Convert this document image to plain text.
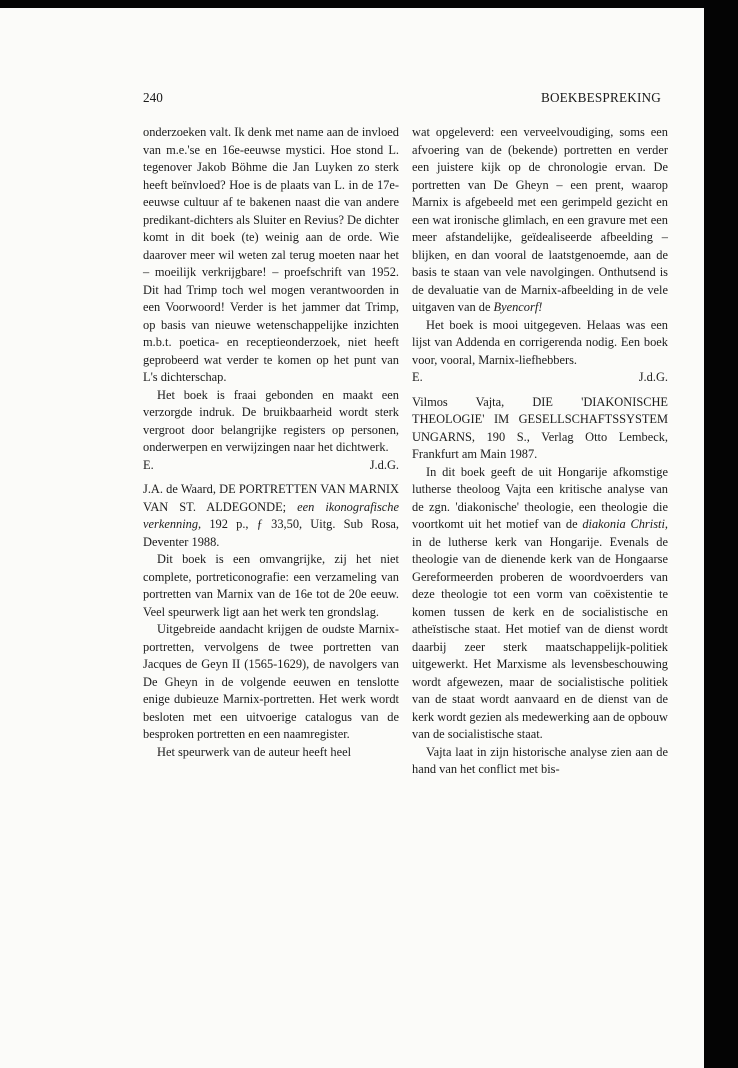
240	BOEKBESPREKING

onderzoeken valt. Ik denk met name aan de invloed van m.e.'se en 16e-eeuwse mystici. Hoe stond L. tegenover Jakob Böhme die Jan Luyken zo sterk heeft beïnvloed? Hoe is de plaats van L. in de 17e-eeuwse cultuur af te bakenen naast die van andere predikant-dichters als Sluiter en Revius? De dichter komt in dit boek (te) weinig aan de orde. Wie daarover meer wil weten zal terug moeten naar het – moeilijk verkrijgbare! – proefschrift van 1952. Dit had Trimp toch wel mogen verantwoorden in een Voorwoord! Verder is het jammer dat Trimp, op basis van nieuwe wetenschappelijke inzichten m.b.t. poetica- en receptieonderzoek, niet heeft geprobeerd wat verder te komen op het punt van L's dichterschap.

Het boek is fraai gebonden en maakt een verzorgde indruk. De bruikbaarheid wordt sterk vergroot door belangrijke registers op personen, onderwerpen en verwijzingen naar het dichtwerk.

E.	J.d.G.

J.A. de Waard, DE PORTRETTEN VAN MARNIX VAN ST. ALDEGONDE; een ikonografische verkenning, 192 p., ƒ 33,50, Uitg. Sub Rosa, Deventer 1988.

Dit boek is een omvangrijke, zij het niet complete, portreticonografie: een verzameling van portretten van Marnix van de 16e tot de 20e eeuw. Veel speurwerk ligt aan het werk ten grondslag.

Uitgebreide aandacht krijgen de oudste Marnix-portretten, vervolgens de twee portretten van Jacques de Geyn II (1565-1629), de navolgers van De Gheyn in de volgende eeuwen en tenslotte enige dubieuze Marnix-portretten. Het werk wordt besloten met een uitvoerige catalogus van de besproken portretten en een naamregister.

Het speurwerk van de auteur heeft heel

wat opgeleverd: een verveelvoudiging, soms een afvoering van de (bekende) portretten en verder een juistere kijk op de chronologie ervan. De portretten van De Gheyn – een prent, waarop Marnix is afgebeeld met een gerimpeld gezicht en een wat ironische glimlach, en een gravure met een meer afstandelijke, geïdealiseerde afbeelding – blijken, en dan vooral de laatstgenoemde, aan de basis te staan van vele navolgingen. Onthutsend is de devaluatie van de Marnix-afbeelding in de vele uitgaven van de Byencorf!

Het boek is mooi uitgegeven. Helaas was een lijst van Addenda en corrigerenda nodig. Een boek voor, vooral, Marnix-liefhebbers.

E.	J.d.G.

Vilmos Vajta, DIE 'DIAKONISCHE THEOLOGIE' IM GESELLSCHAFTSSYSTEM UNGARNS, 190 S., Verlag Otto Lembeck, Frankfurt am Main 1987.

In dit boek geeft de uit Hongarije afkomstige lutherse theoloog Vajta een kritische analyse van de zgn. 'diakonische' theologie, een theologie die voortkomt uit het motief van de diakonia Christi, in de lutherse kerk van Hongarije. Evenals de theologie van de dienende kerk van de Hongaarse Gereformeerden proberen de woordvoerders van deze theologie tot een vorm van coëxistentie te komen tussen de kerk en de socialistische en atheïstische staat. Het motief van de dienst wordt daarbij zeer sterk maatschappelijk-politiek uitgewerkt. Het Marxisme als levensbeschouwing wordt afgewezen, maar de socialistische politiek van de staat wordt aanvaard en de dienst van de kerk wordt gezien als medewerking aan de opbouw van de socialistische staat.

Vajta laat in zijn historische analyse zien aan de hand van het conflict met bis-
